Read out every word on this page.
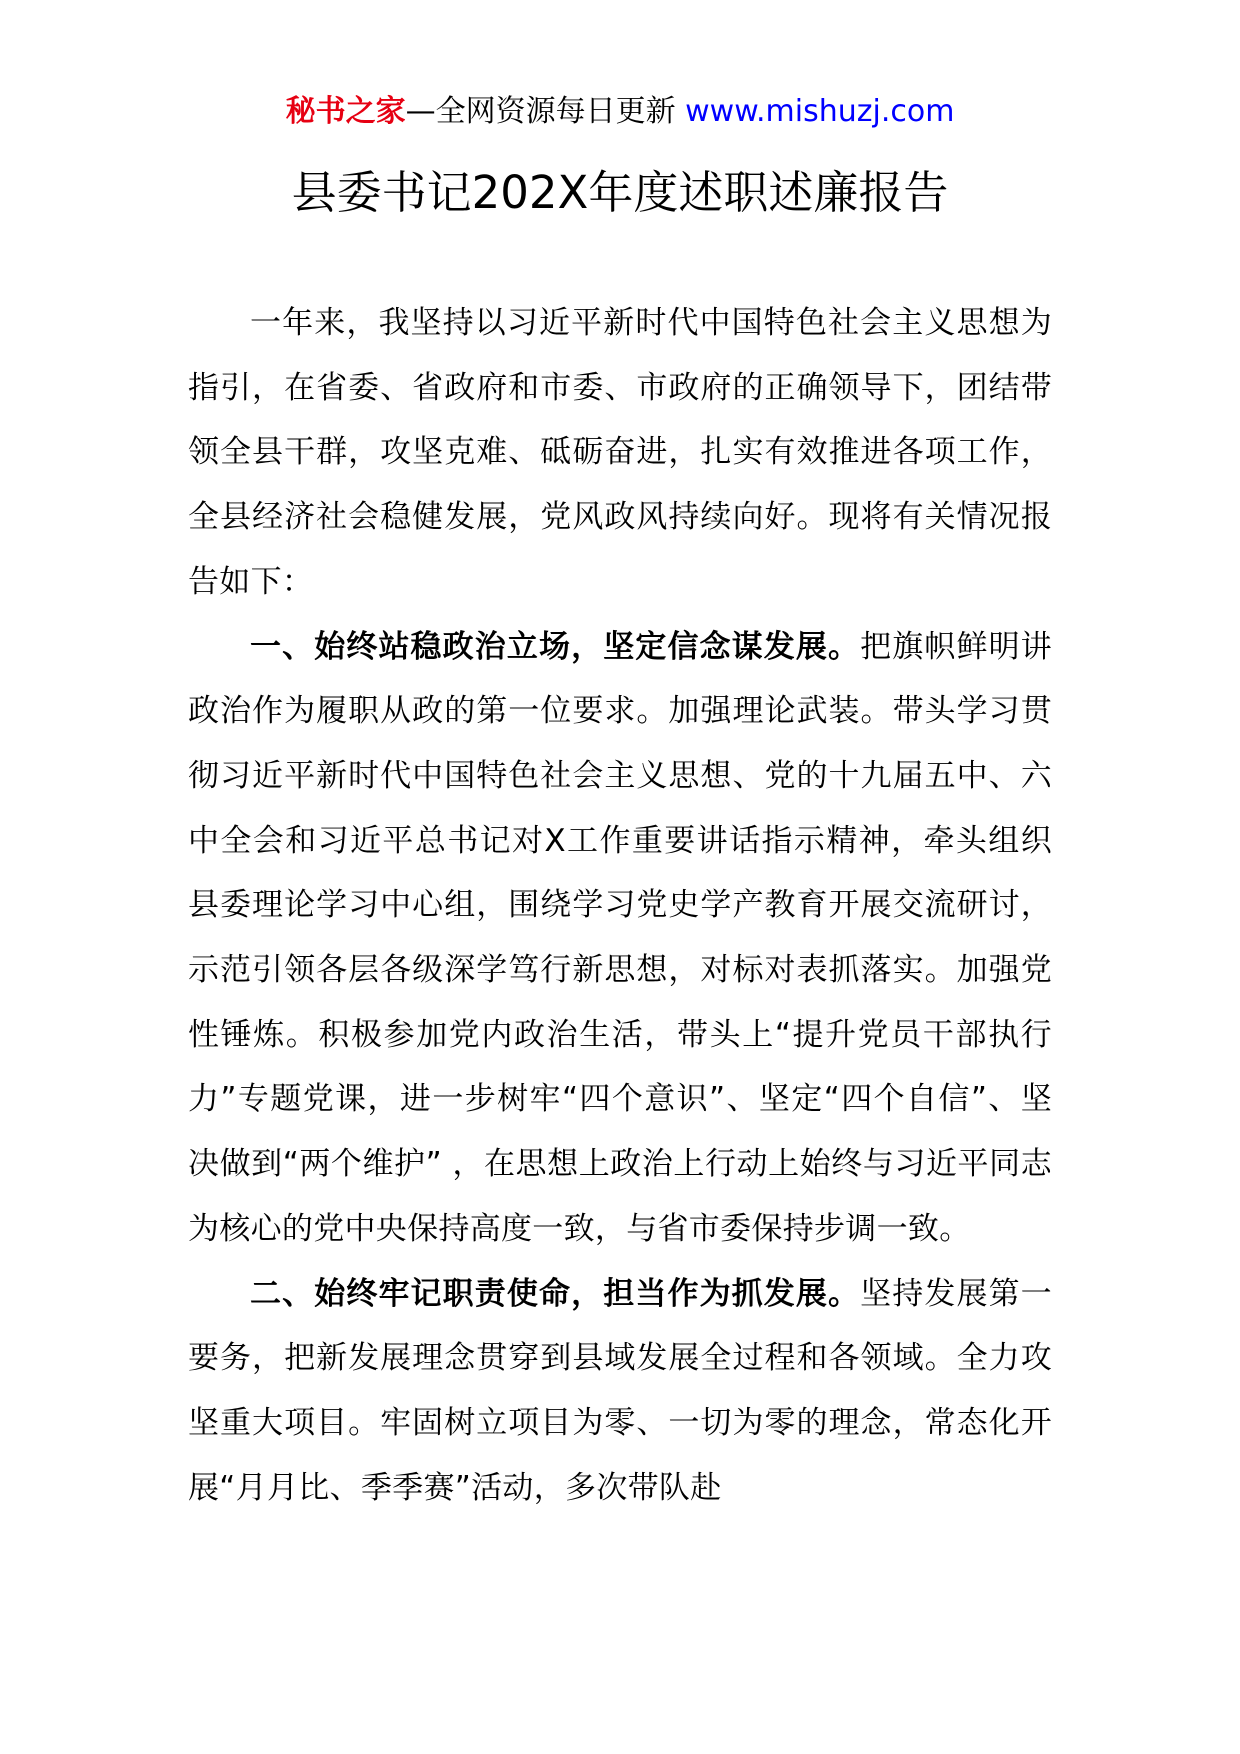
秘书之家—全网资源每日更新 www.mishuzj.com
县委书记202X年度述职述廉报告

一年来，我坚持以习近平新时代中国特色社会主义思想为指引，在省委、省政府和市委、市政府的正确领导下，团结带领全县干群，攻坚克难、砥砺奋进，扎实有效推进各项工作，全县经济社会稳健发展，党风政风持续向好。现将有关情况报告如下：

一、始终站稳政治立场，坚定信念谋发展。把旗帜鲜明讲政治作为履职从政的第一位要求。加强理论武装。带头学习贯彻习近平新时代中国特色社会主义思想、党的十九届五中、六中全会和习近平总书记对X工作重要讲话指示精神，牵头组织县委理论学习中心组，围绕学习党史学产教育开展交流研讨，示范引领各层各级深学笃行新思想，对标对表抓落实。加强党性锤炼。积极参加党内政治生活，带头上“提升党员干部执行力”专题党课，进一步树牢“四个意识”、坚定“四个自信”、坚决做到“两个维护” ，在思想上政治上行动上始终与习近平同志为核心的党中央保持高度一致，与省市委保持步调一致。

二、始终牢记职责使命，担当作为抓发展。坚持发展第一要务，把新发展理念贯穿到县域发展全过程和各领域。全力攻坚重大项目。牢固树立项目为零、一切为零的理念，常态化开展“月月比、季季赛”活动，多次带队赴
